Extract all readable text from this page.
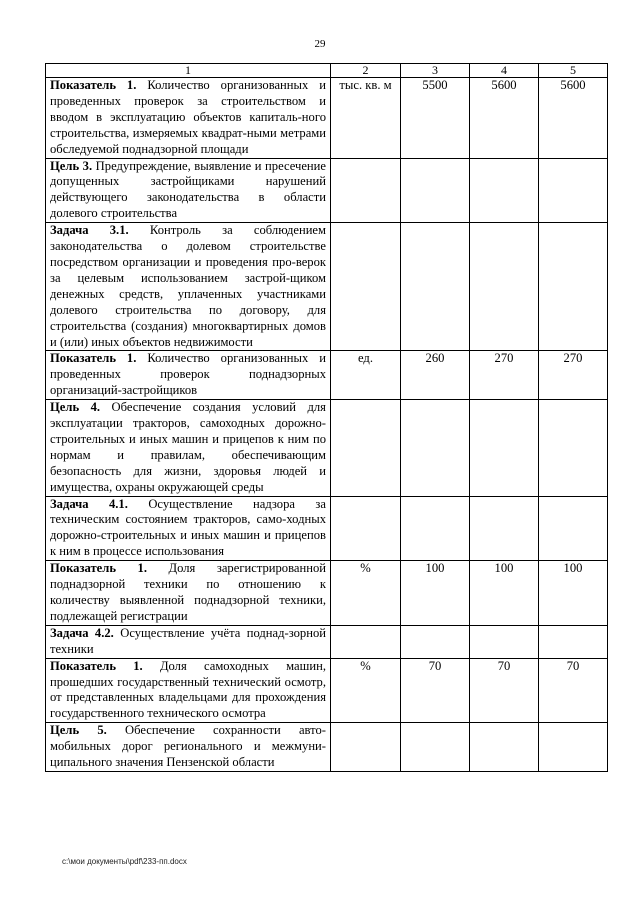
29
1	2	3	4	5
Показатель 1. Количество организованных и проведенных проверок за строительством и вводом в эксплуатацию объектов капиталь-ного строительства, измеряемых квадрат-ными метрами обследуемой поднадзорной площади	тыс. кв. м	5500	5600	5600
Цель 3. Предупреждение, выявление и пресечение допущенных застройщиками нарушений действующего законодательства в области долевого строительства				
Задача 3.1. Контроль за соблюдением законодательства о долевом строительстве посредством организации и проведения про-верок за целевым использованием застрой-щиком денежных средств, уплаченных участниками долевого строительства по договору, для строительства (создания) многоквартирных домов и (или) иных объектов недвижимости				
Показатель 1. Количество организованных и проведенных проверок поднадзорных организаций-застройщиков	ед.	260	270	270
Цель 4. Обеспечение создания условий для эксплуатации тракторов, самоходных дорожно-строительных и иных машин и прицепов к ним по нормам и правилам, обеспечивающим безопасность для жизни, здоровья людей и имущества, охраны окружающей среды				
Задача 4.1. Осуществление надзора за техническим состоянием тракторов, само-ходных дорожно-строительных и иных машин и прицепов к ним в процессе использования				
Показатель 1. Доля зарегистрированной поднадзорной техники по отношению к количеству выявленной поднадзорной техники, подлежащей регистрации	%	100	100	100
Задача 4.2. Осуществление учёта поднад-зорной техники				
Показатель 1. Доля самоходных машин, прошедших государственный технический осмотр, от представленных владельцами для прохождения государственного технического осмотра	%	70	70	70
Цель 5. Обеспечение сохранности авто-мобильных дорог регионального и межмуни-ципального значения Пензенской области				
c:\мои документы\pdf\233-пп.docx
